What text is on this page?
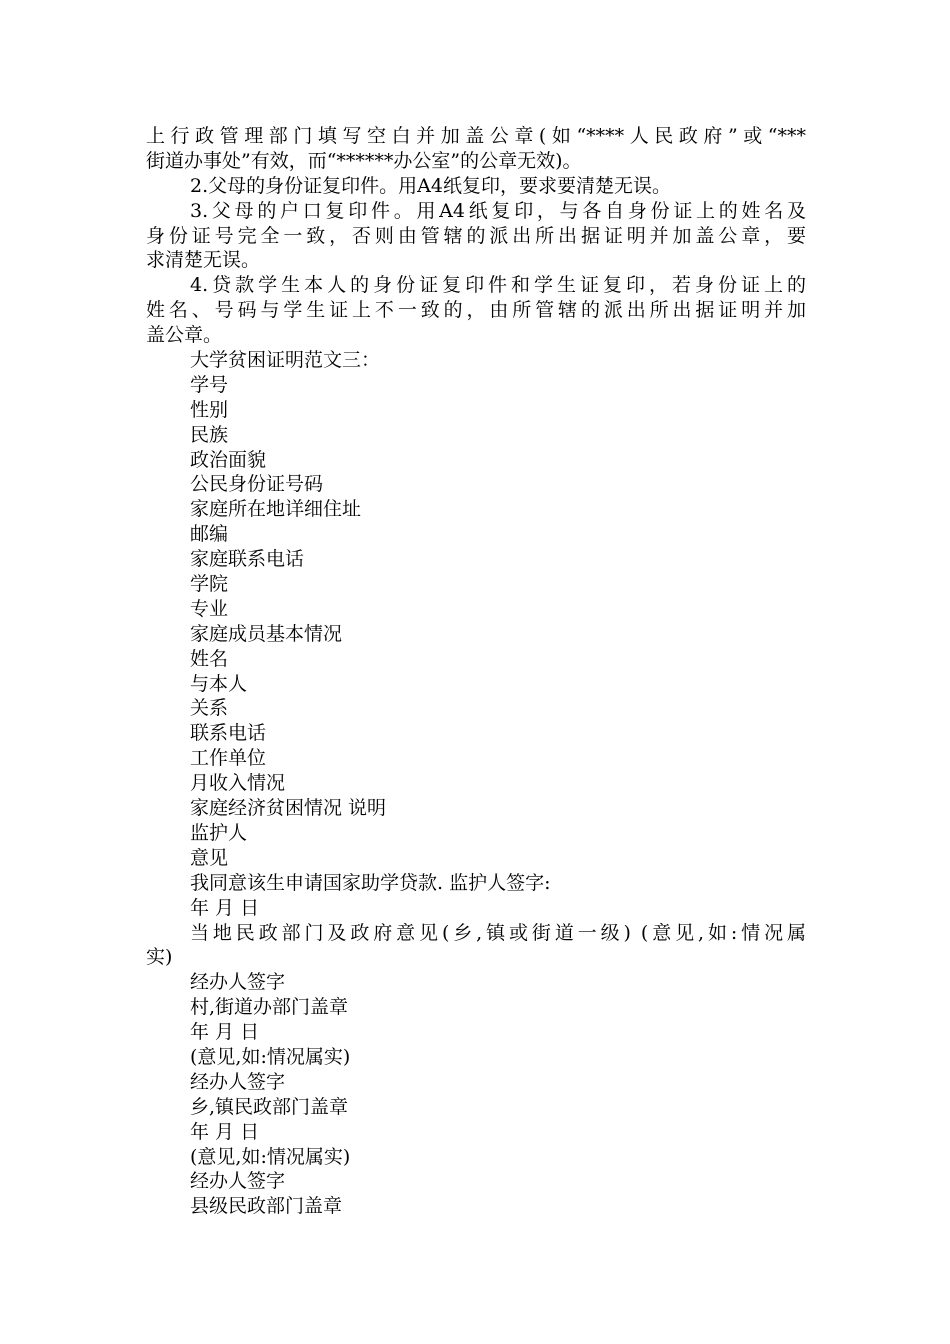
上行政管理部门填写空白并加盖公章(如“****人民政府”或“***
街道办事处”有效，而“******办公室”的公章无效)。
2.父母的身份证复印件。用A4纸复印，要求要清楚无误。
3.父母的户口复印件。用A4纸复印，与各自身份证上的姓名及
身份证号完全一致，否则由管辖的派出所出据证明并加盖公章，要
求清楚无误。
4.贷款学生本人的身份证复印件和学生证复印，若身份证上的
姓名、号码与学生证上不一致的，由所管辖的派出所出据证明并加
盖公章。
大学贫困证明范文三：
学号
性别
民族
政治面貌
公民身份证号码
家庭所在地详细住址
邮编
家庭联系电话
学院
专业
家庭成员基本情况
姓名
与本人
关系
联系电话
工作单位
月收入情况
家庭经济贫困情况 说明
监护人
意见
我同意该生申请国家助学贷款. 监护人签字:
年 月 日
当地民政部门及政府意见(乡,镇或街道一级) (意见,如:情况属
实)
经办人签字
村,街道办部门盖章
年 月 日
(意见,如:情况属实)
经办人签字
乡,镇民政部门盖章
年 月 日
(意见,如:情况属实)
经办人签字
县级民政部门盖章
